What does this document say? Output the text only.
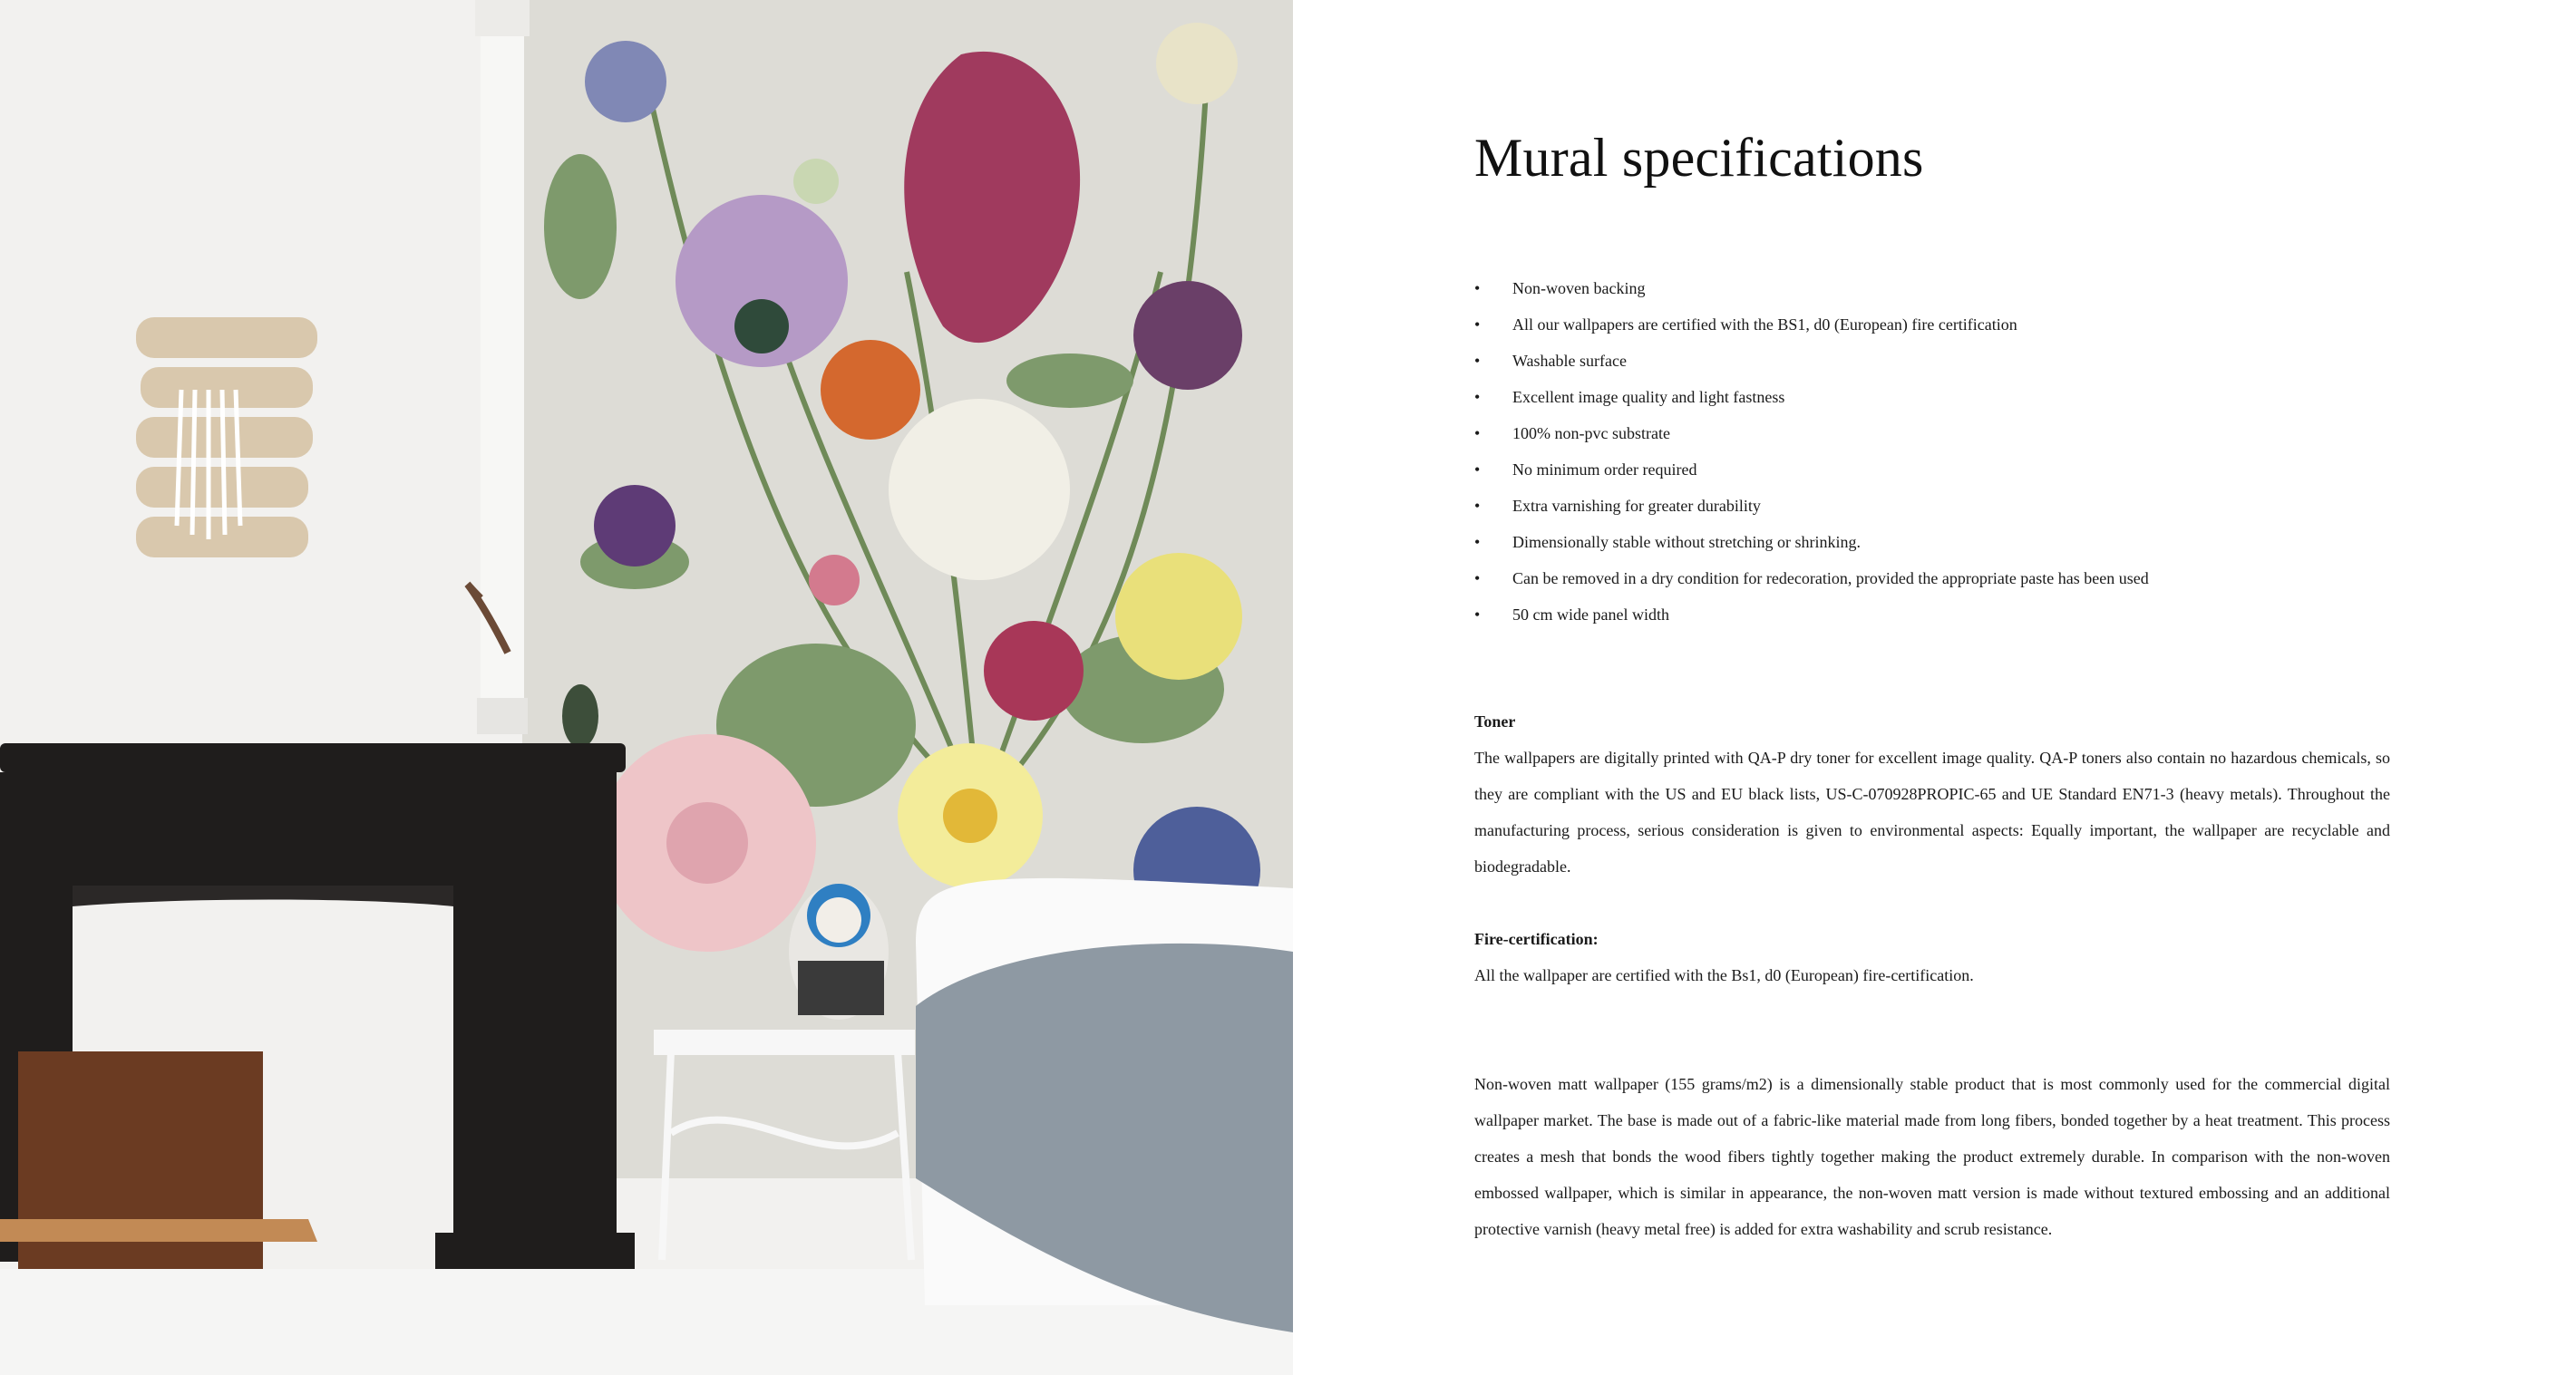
Mural specifications
• Non-woven backing
• All our wallpapers are certified with the BS1, d0 (European) fire certification
• Washable surface
• Excellent image quality and light fastness
• 100% non-pvc substrate
• No minimum order required
• Extra varnishing for greater durability
• Dimensionally stable without stretching or shrinking.
• Can be removed in a dry condition for redecoration, provided the appropriate paste has been used
• 50 cm wide panel width

Toner

The wallpapers are digitally printed with QA-P dry toner for excellent image quality. QA-P toners also contain no hazardous chemicals, so they are compliant with the US and EU black lists, US-C-070928PROPIC-65 and UE Standard EN71-3 (heavy metals). Throughout the manufacturing process, serious consideration is given to environmental aspects: Equally important, the wallpaper are recyclable and biodegradable.

Fire-certification:

All the wallpaper are certified with the Bs1, d0 (European) fire-certification.

Non-woven matt wallpaper (155 grams/m2) is a dimensionally stable product that is most commonly used for the commercial digital wallpaper market. The base is made out of a fabric-like material made from long fibers, bonded together by a heat treatment. This process creates a mesh that bonds the wood fibers tightly together making the product extremely durable. In comparison with the non-woven embossed wallpaper, which is similar in appearance, the non-woven matt version is made without textured embossing and an additional protective varnish (heavy metal free) is added for extra washability and scrub resistance.
